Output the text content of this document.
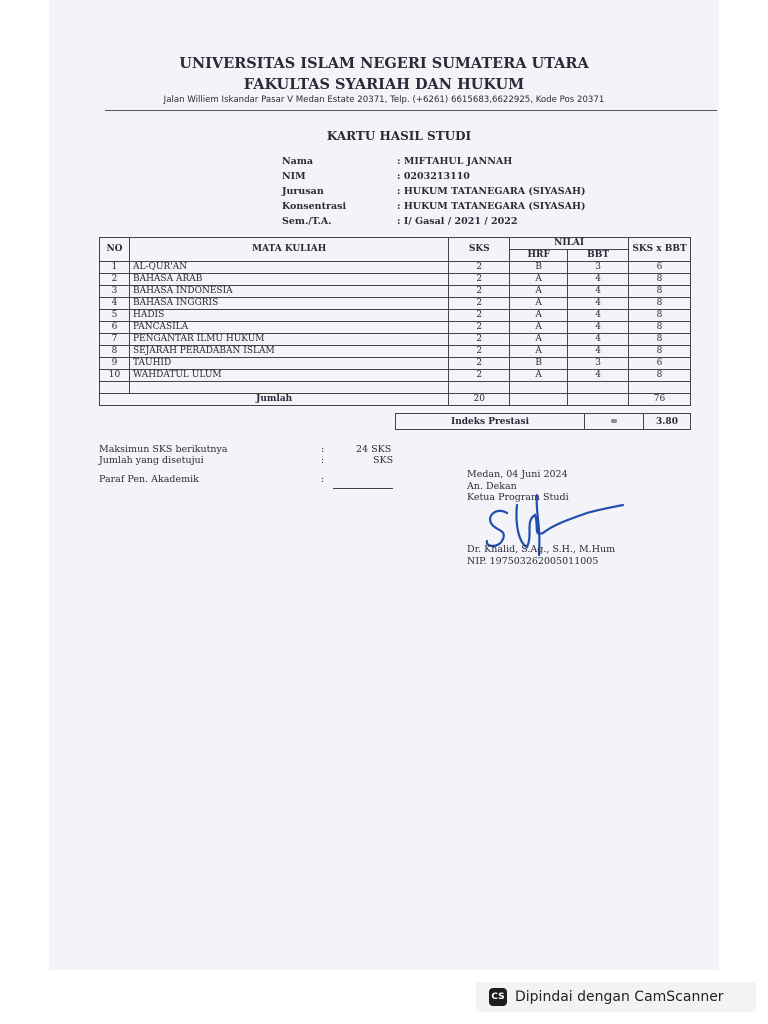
UNIVERSITAS ISLAM NEGERI SUMATERA UTARA
FAKULTAS SYARIAH DAN HUKUM
Jalan Williem Iskandar Pasar V Medan Estate 20371, Telp. (+6261) 6615683,6622925, Kode Pos 20371
KARTU HASIL STUDI
Nama	: MIFTAHUL JANNAH
NIM	: 0203213110
Jurusan	: HUKUM TATANEGARA (SIYASAH)
Konsentrasi	: HUKUM TATANEGARA (SIYASAH)
Sem./T.A.	: I/ Gasal / 2021 / 2022
NO	MATA KULIAH	SKS	NILAI		SKS x BBT
			HRF	BBT	
1	AL-QUR'AN	2	B	3	6
2	BAHASA ARAB	2	A	4	8
3	BAHASA INDONESIA	2	A	4	8
4	BAHASA INGGRIS	2	A	4	8
5	HADIS	2	A	4	8
6	PANCASILA	2	A	4	8
7	PENGANTAR ILMU HUKUM	2	A	4	8
8	SEJARAH PERADABAN ISLAM	2	A	4	8
9	TAUHID	2	B	3	6
10	WAHDATUL ULUM	2	A	4	8

Jumlah		20			76
Indeks Prestasi	=	3.80
Maksimun SKS berikutnya	:	24 SKS
Jumlah yang disetujui	:	SKS
Paraf Pen. Akademik	:	Medan, 04 Juni 2024
An. Dekan
Ketua Program Studi
Dr. Khalid, S.Ag., S.H., M.Hum
NIP. 197503262005011005
CS Dipindai dengan CamScanner
